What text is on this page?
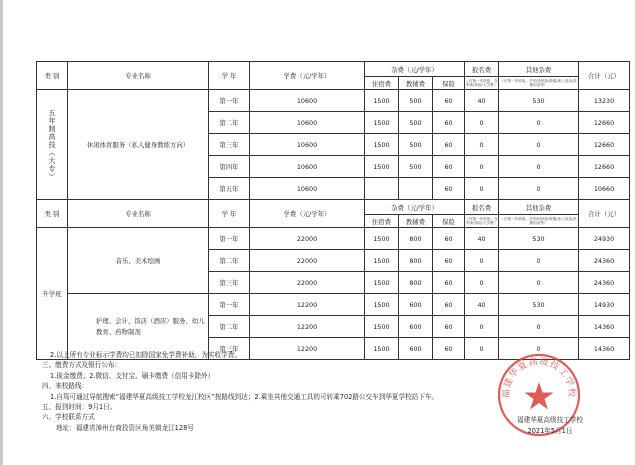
类 别	专业名称	学 年	学费（元/学年）	杂费（元/学年）			报名费	其他杂费	合计（元）
				住宿费	教辅费	保险	（仅第一年收取，含军训/体检/入学费）	（仅第一年收取，含军训/体检/校服/床上用品/洗漱用品等）	

五年制高技（大专）	休闲体育服务（私人健身教练方向）	第一年	10600	1500	500	60	40	530	13230
		第二年	10600	1500	500	60	0	0	12660
		第三年	10600	1500	500	60	0	0	12660
		第四年	10600	1500	500	60	0	0	12660
		第五年	10600			60	0	0	10660
类 别	专业名称	学 年	学费（元/学年）	杂费（元/学年）			报名费	其他杂费	合计（元）
				住宿费	教辅费	保险	（仅第一年收取，含军训/体检/入学费）	（仅第一年收取，含军训/体检/校服/床上用品/洗漱用品等）	
升学班	音乐、美术绘画	第一年	22000	1500	800	60	40	530	24930
		第二年	22000	1500	800	60	0	0	24360
		第三年	22000	1500	800	60	0	0	24360
	护理、会计、饭店（酒店）服务、幼儿教育、药物制剂	第一年	12200	1500	600	60	40	530	14930
		第二年	12200	1500	600	60	0	0	14360
		第三年	12200	1500	600	60	0	0	14360
2.以上所有专业标示学费均已扣除国家免学费补助，为实收学费。
三、缴费方式及银行公布：
1.现金缴费；2.微信、支付宝、刷卡缴费（信用卡除外）
四、来校路线：
1.自驾可通过导航搜索“福建华夏高级技工学校龙江校区”按路线到达；2.乘坐其他交通工具的可转乘702路公交车到华夏学校站下车。
五、报到时间：9月1日。
六、学校联系方式
地址：福建省漳州台商投资区角美镇龙江128号
福建华夏高级技工学校
福建华夏高级技工学校
2021年5月1日
